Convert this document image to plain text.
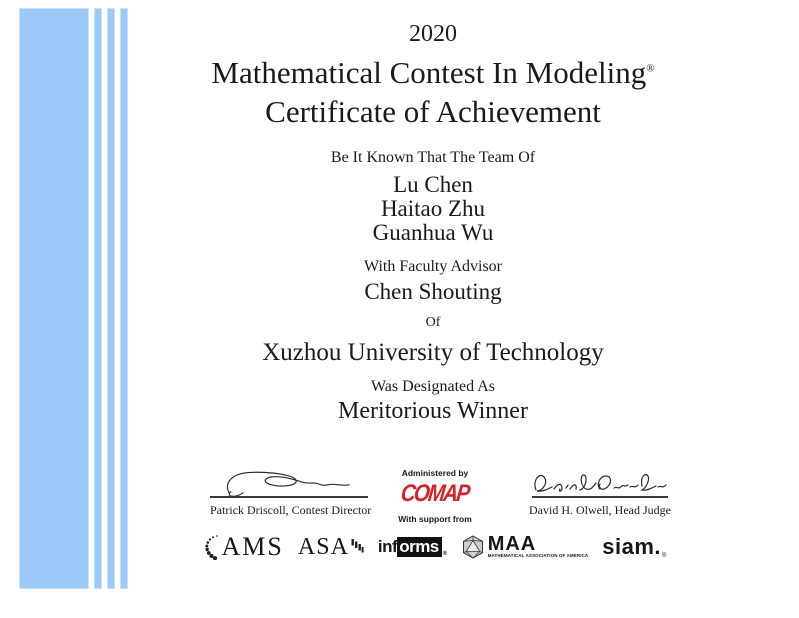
2020
Mathematical Contest In Modeling®
Certificate of Achievement
Be It Known That The Team Of
Lu Chen
Haitao Zhu
Guanhua Wu
With Faculty Advisor
Chen Shouting
Of
Xuzhou University of Technology
Was Designated As
Meritorious Winner
Patrick Driscoll, Contest Director
Administered by
COMAP
With support from
David H. Olwell, Head Judge
AMS ASA inf orms ® MAA
MATHEMATICAL ASSOCIATION OF AMERICA siam. ®
